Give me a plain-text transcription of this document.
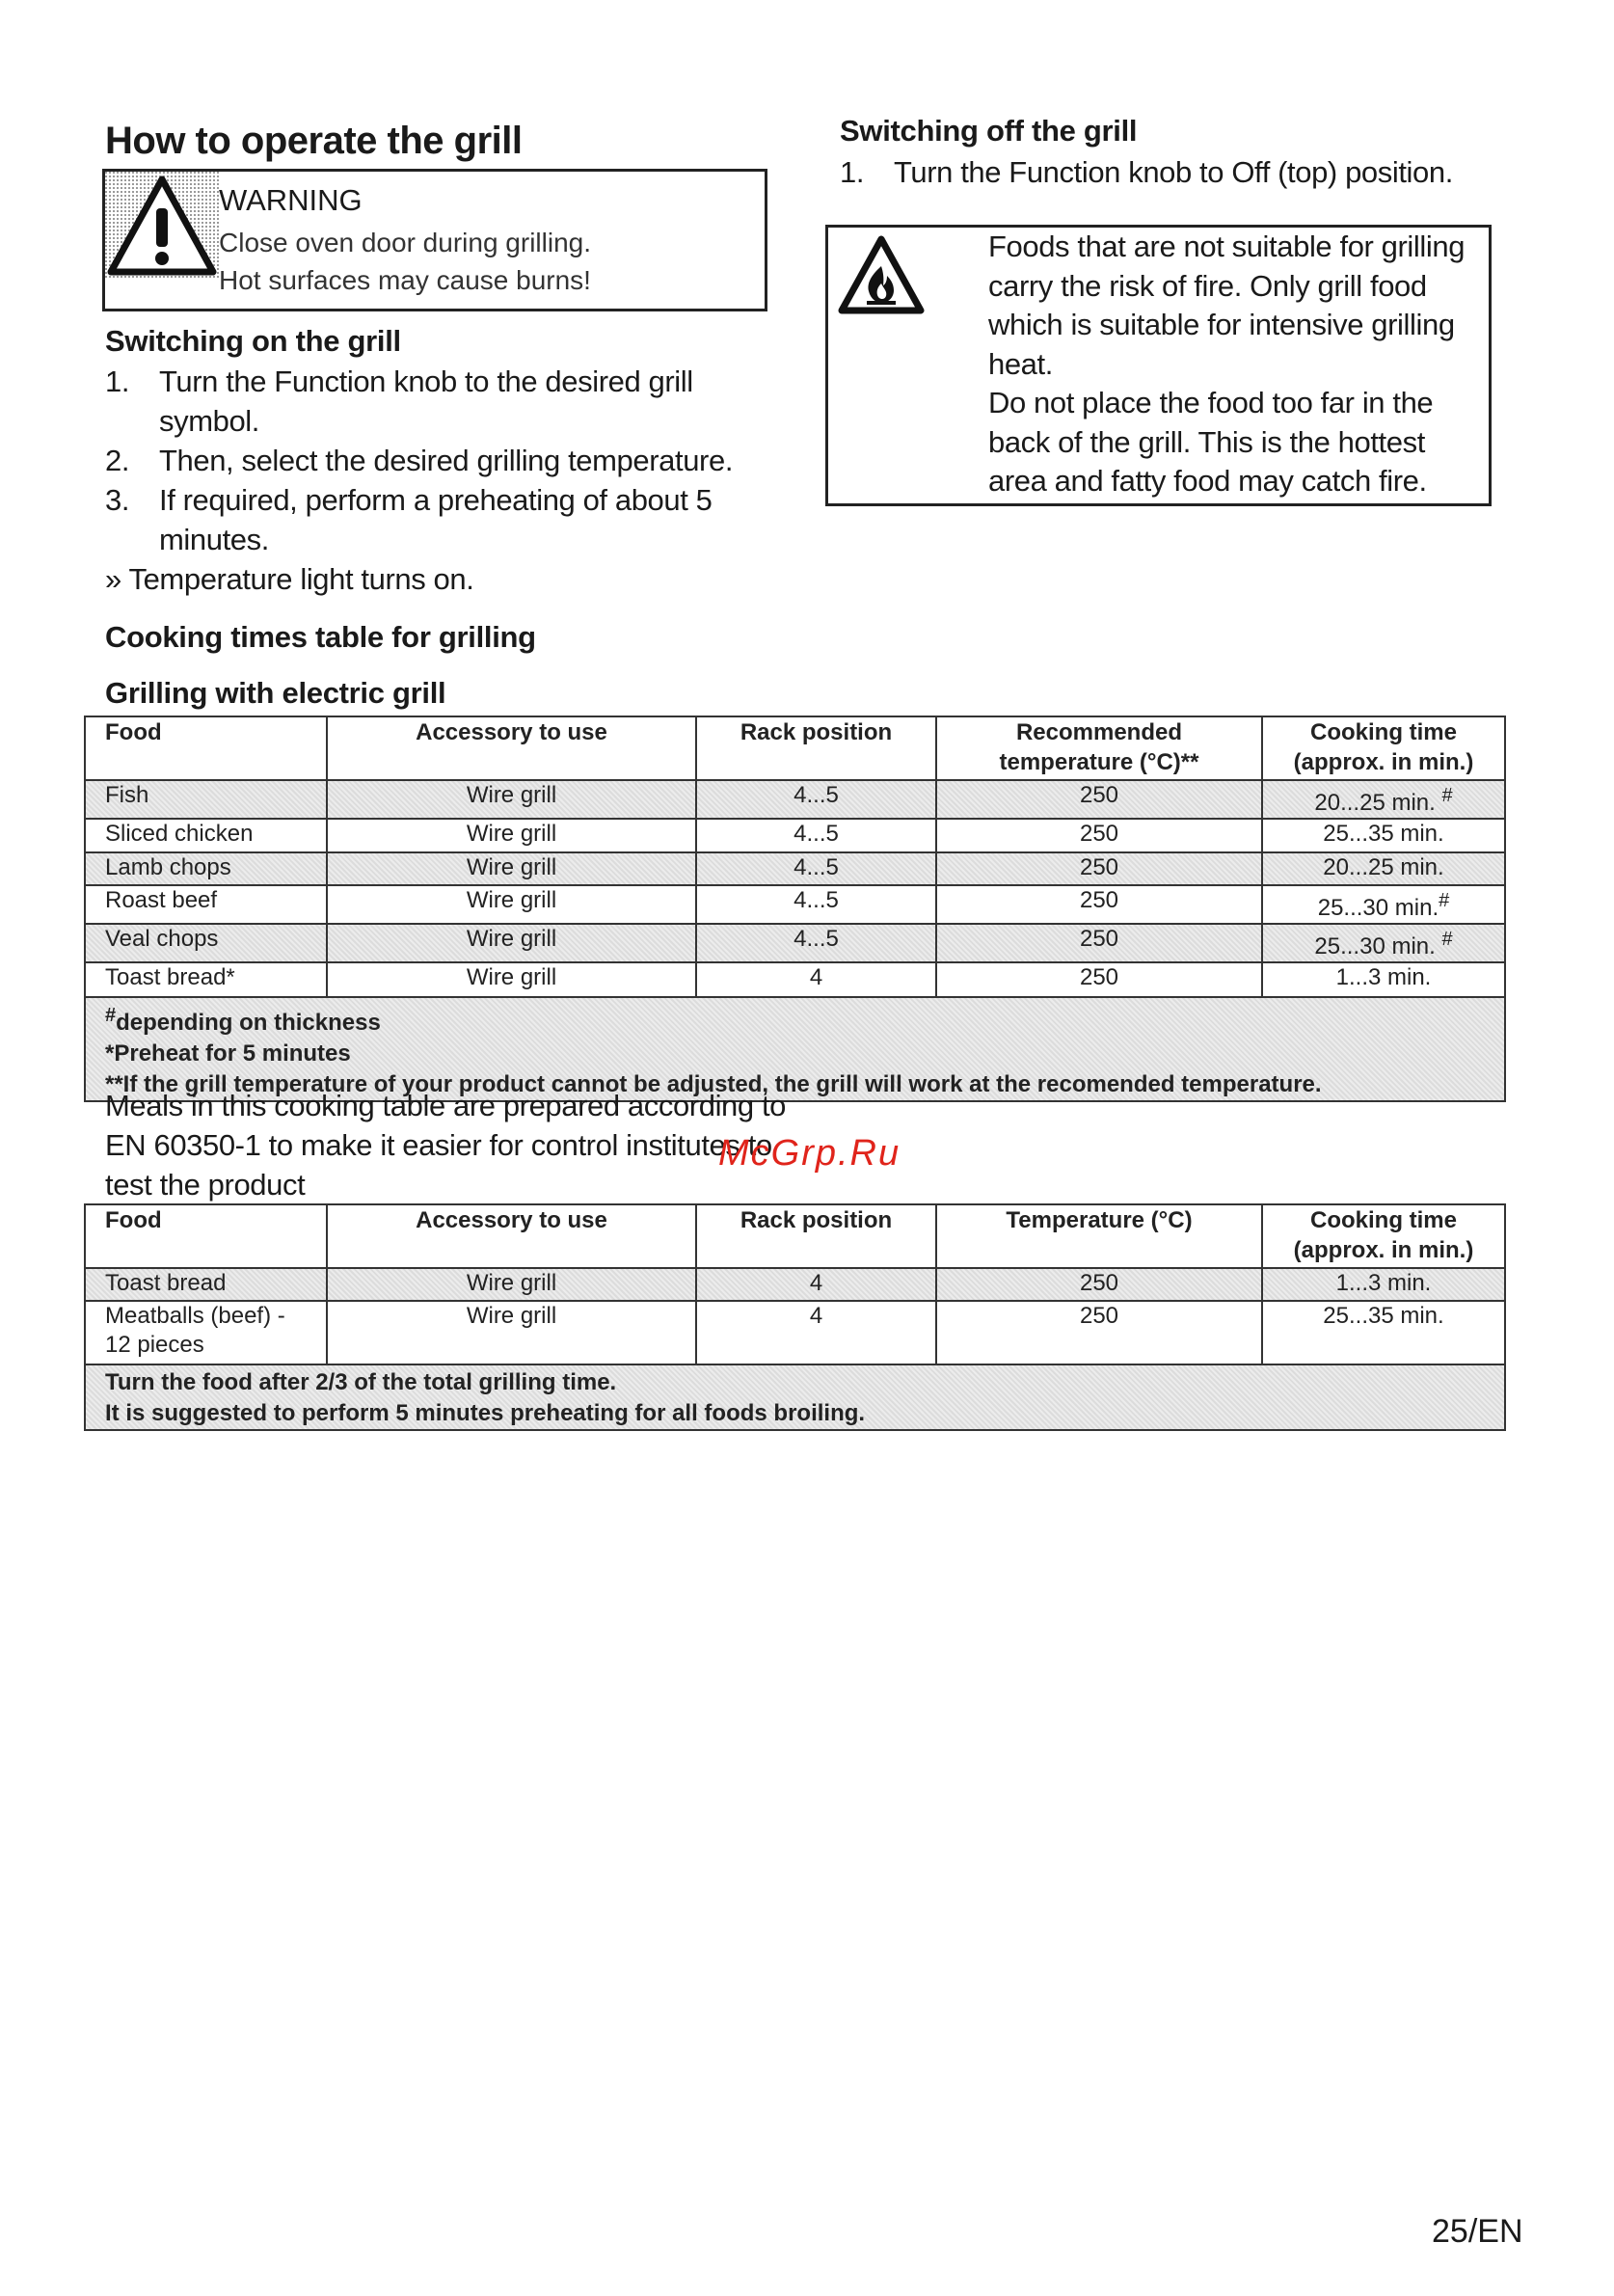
How to operate the grill
WARNING
Close oven door during grilling.
Hot surfaces may cause burns!
Switching on the grill
1. Turn the Function knob to the desired grill symbol.
2. Then, select the desired grilling temperature.
3. If required, perform a preheating of about 5 minutes.
» Temperature light turns on.
Switching off the grill
1. Turn the Function knob to Off (top) position.
Foods that are not suitable for grilling
carry the risk of fire. Only grill food
which is suitable for intensive grilling
heat.
Do not place the food too far in the
back of the grill. This is the hottest
area and fatty food may catch fire.
Cooking times table for grilling
Grilling with electric grill
Food	Accessory to use	Rack position	Recommended
temperature (°C)**	Cooking time
(approx. in min.)
Fish	Wire grill	4...5	250	20...25 min. #
Sliced chicken	Wire grill	4...5	250	25...35 min.
Lamb chops	Wire grill	4...5	250	20...25 min.
Roast beef	Wire grill	4...5	250	25...30 min.#
Veal chops	Wire grill	4...5	250	25...30 min. #
Toast bread*	Wire grill	4	250	1...3 min.

#depending on thickness
*Preheat for 5 minutes
**If the grill temperature of your product cannot be adjusted, the grill will work at the recomended temperature.				
Meals in this cooking table are prepared according to
EN 60350-1 to make it easier for control institutes to
test the product
Food	Accessory to use	Rack position	Temperature (°C)	Cooking time
(approx. in min.)
Toast bread	Wire grill	4	250	1...3 min.
Meatballs (beef) -
12 pieces	Wire grill	4	250	25...35 min.

Turn the food after 2/3 of the total grilling time.
It is suggested to perform 5 minutes preheating for all foods broiling.				
McGrp.Ru
25/EN
